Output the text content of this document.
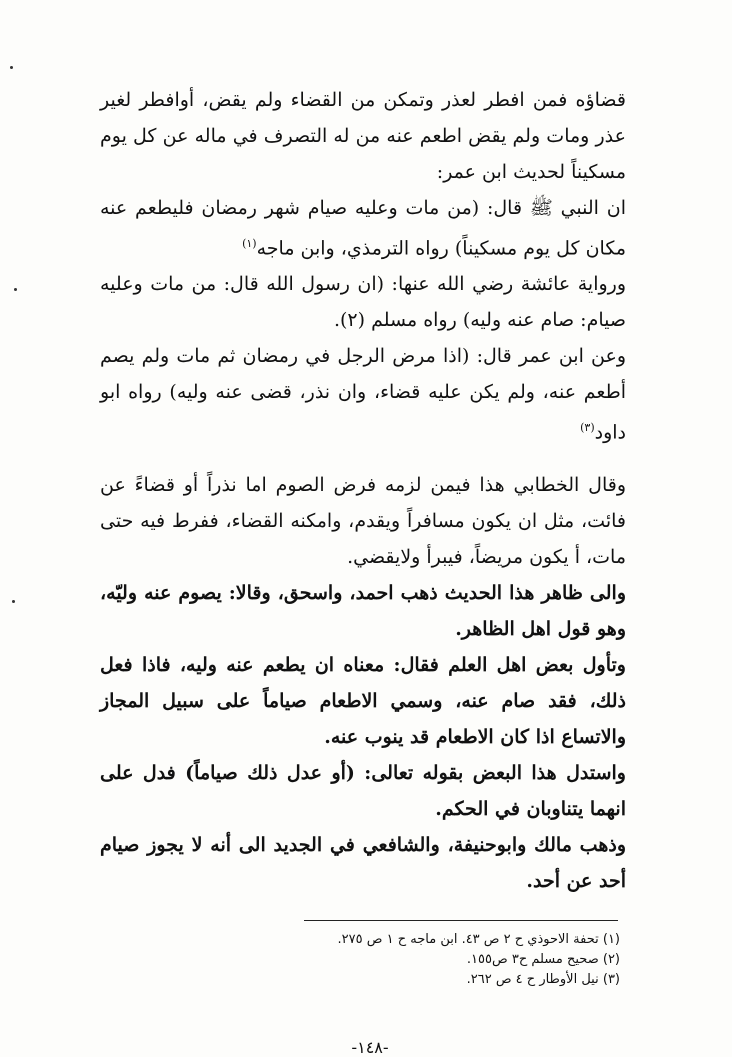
قضاؤه فمن افطر لعذر وتمكن من القضاء ولم يقض، أوافطر لغير عذر ومات ولم يقض اطعم عنه من له التصرف في ماله عن كل يوم مسكيناً لحديث ابن عمر:

ان النبي ﷺ قال: (من مات وعليه صيام شهر رمضان فليطعم عنه مكان كل يوم مسكيناً) رواه الترمذي، وابن ماجه$^{(١)}$

ورواية عائشة رضي الله عنها: (ان رسول الله قال: من مات وعليه صيام: صام عنه وليه) رواه مسلم (٢).

وعن ابن عمر قال: (اذا مرض الرجل في رمضان ثم مات ولم يصم أطعم عنه، ولم يكن عليه قضاء، وان نذر، قضى عنه وليه) رواه ابو داود$^{(٣)}$

وقال الخطابي هذا فيمن لزمه فرض الصوم اما نذراً أو قضاءً عن فائت، مثل ان يكون مسافراً ويقدم، وامكنه القضاء، ففرط فيه حتى مات، أ يكون مريضاً، فيبرأ ولايقضي.

والى ظاهر هذا الحديث ذهب احمد، واسحق، وقالا: يصوم عنه وليّه، وهو قول اهل الظاهر.

وتأول بعض اهل العلم فقال: معناه ان يطعم عنه وليه، فاذا فعل ذلك، فقد صام عنه، وسمي الاطعام صياماً على سبيل المجاز والاتساع اذا كان الاطعام قد ينوب عنه.

واستدل هذا البعض بقوله تعالى: (أو عدل ذلك صياماً) فدل على انهما يتناوبان في الحكم.

وذهب مالك وابوحنيفة، والشافعي في الجديد الى أنه لا يجوز صيام أحد عن أحد.

(١) تحفة الاحوذي ح ٢ ص ٤٣. ابن ماجه ح ١ ص ٢٧٥.

(٢) صحيح مسلم ح٣ ص١٥٥.

(٣) نيل الأوطار ح ٤ ص ٢٦٢.

-١٤٨-
